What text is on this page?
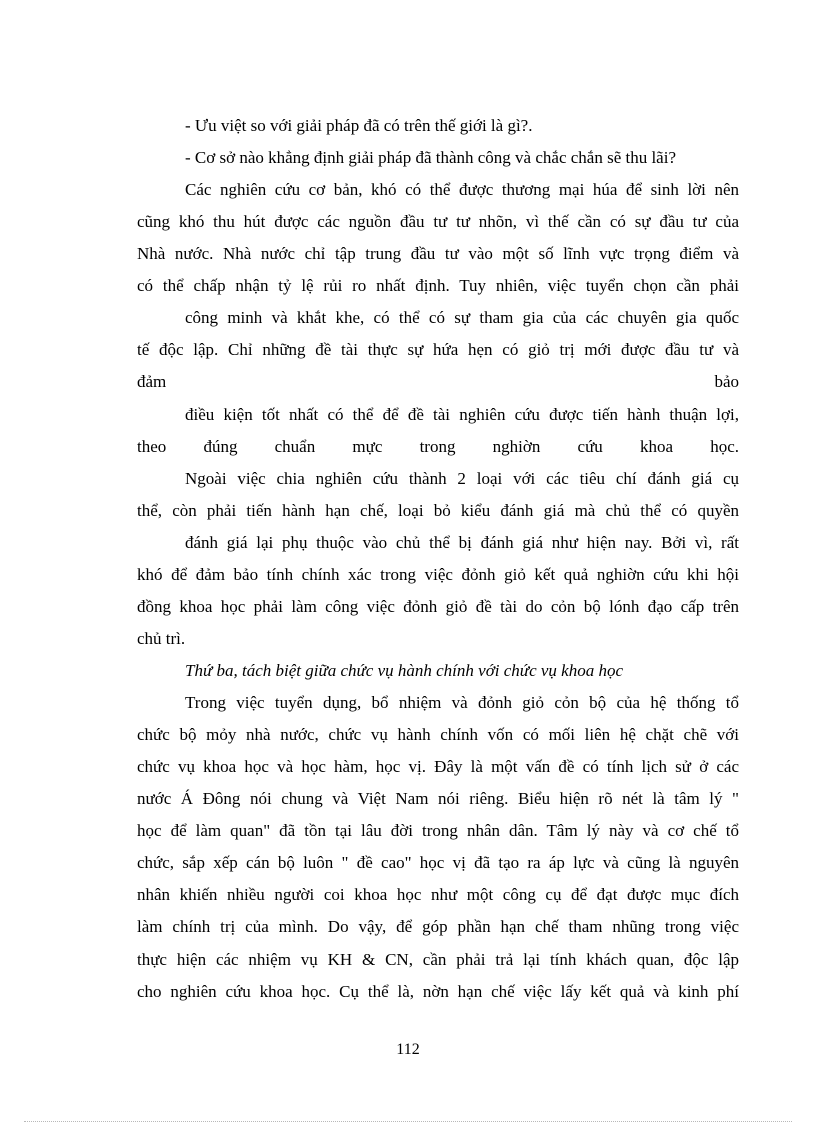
- Ưu việt so với giải pháp đã có trên thế giới là gì?.
- Cơ sở nào khẳng định giải pháp đã thành công và chắc chắn sẽ thu lãi?
Các nghiên cứu cơ bản, khó có thể được thương mại húa để sinh lời nên
cũng khó thu hút được các nguồn đầu tư tư nhõn, vì thế cần có sự đầu tư của
Nhà nước. Nhà nước chỉ tập trung đầu tư vào một số lĩnh vực trọng điểm và
có thể chấp nhận tỷ lệ rủi ro nhất định. Tuy nhiên, việc tuyển chọn cần phải
công minh và khắt khe, có thể có sự tham gia của các chuyên gia quốc
tế độc lập. Chỉ những đề tài thực sự hứa hẹn có giỏ trị mới được đầu tư và
đảm bảo
điều kiện tốt nhất có thể để đề tài nghiên cứu được tiến hành thuận lợi,
theo đúng chuẩn mực trong nghiờn cứu khoa học.
Ngoài việc chia nghiên cứu thành 2 loại với các tiêu chí đánh giá cụ
thể, còn phải tiến hành hạn chế, loại bỏ kiểu đánh giá mà chủ thể có quyền
đánh giá lại phụ thuộc vào chủ thể bị đánh giá như hiện nay. Bởi vì, rất
khó để đảm bảo tính chính xác trong việc đỏnh giỏ kết quả nghiờn cứu khi hội
đồng khoa học phải làm công việc đỏnh giỏ đề tài do cỏn bộ lónh đạo cấp trên
chủ trì.
Thứ ba, tách biệt giữa chức vụ hành chính với chức vụ khoa học
Trong việc tuyển dụng, bổ nhiệm và đỏnh giỏ cỏn bộ của hệ thống tổ
chức bộ mỏy nhà nước, chức vụ hành chính vốn có mối liên hệ chặt chẽ với
chức vụ khoa học và học hàm, học vị. Đây là một vấn đề có tính lịch sử ở các
nước Á Đông nói chung và Việt Nam nói riêng. Biểu hiện rõ nét là tâm lý "
học để làm quan" đã tồn tại lâu đời trong nhân dân. Tâm lý này và cơ chế tổ
chức, sắp xếp cán bộ luôn " đề cao" học vị đã tạo ra áp lực và cũng là nguyên
nhân khiến nhiều người coi khoa học như một công cụ để đạt được mục đích
làm chính trị của mình. Do vậy, để góp phần hạn chế tham nhũng trong việc
thực hiện các nhiệm vụ KH & CN, cần phải trả lại tính khách quan, độc lập
cho nghiên cứu khoa học. Cụ thể là, nờn hạn chế việc lấy kết quả và kinh phí
112
